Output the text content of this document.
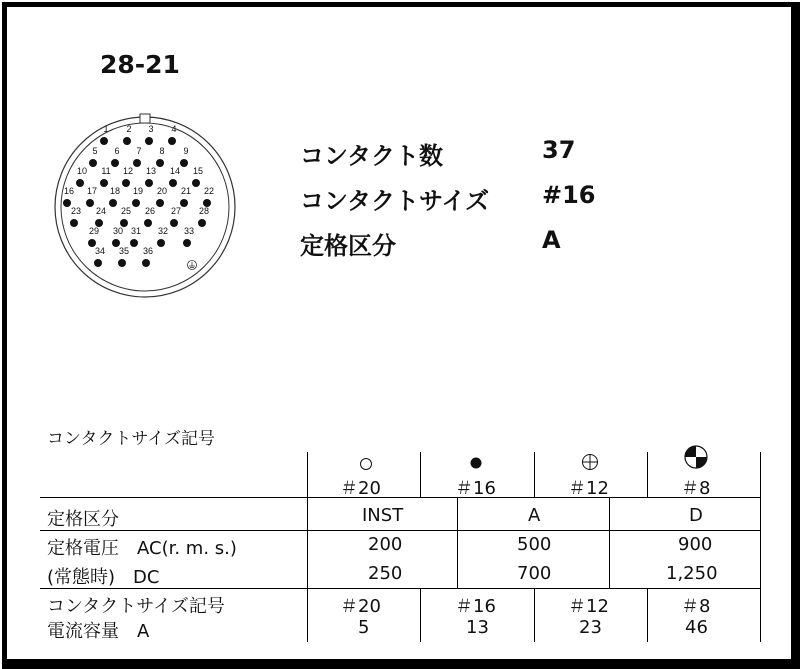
28-21
1 2 3 4
5 6 7 8 9
10 11 12 13 14 15
16 17 18 19 20 21 22
23 24 25 26 27 28
29 30 31 32 33
34 35 36
コンタクト数	37
コンタクトサイズ #16
定格区分	A
コンタクトサイズ記号
＃20	＃16	＃12	＃8
定格区分	INST	A	D
定格電圧　AC(r. m. s.)	200	500	900
(常態時)　DC	250	700	1,250
コンタクトサイズ記号	＃20	＃16	＃12	＃8
電流容量　A	5	13	23	46
